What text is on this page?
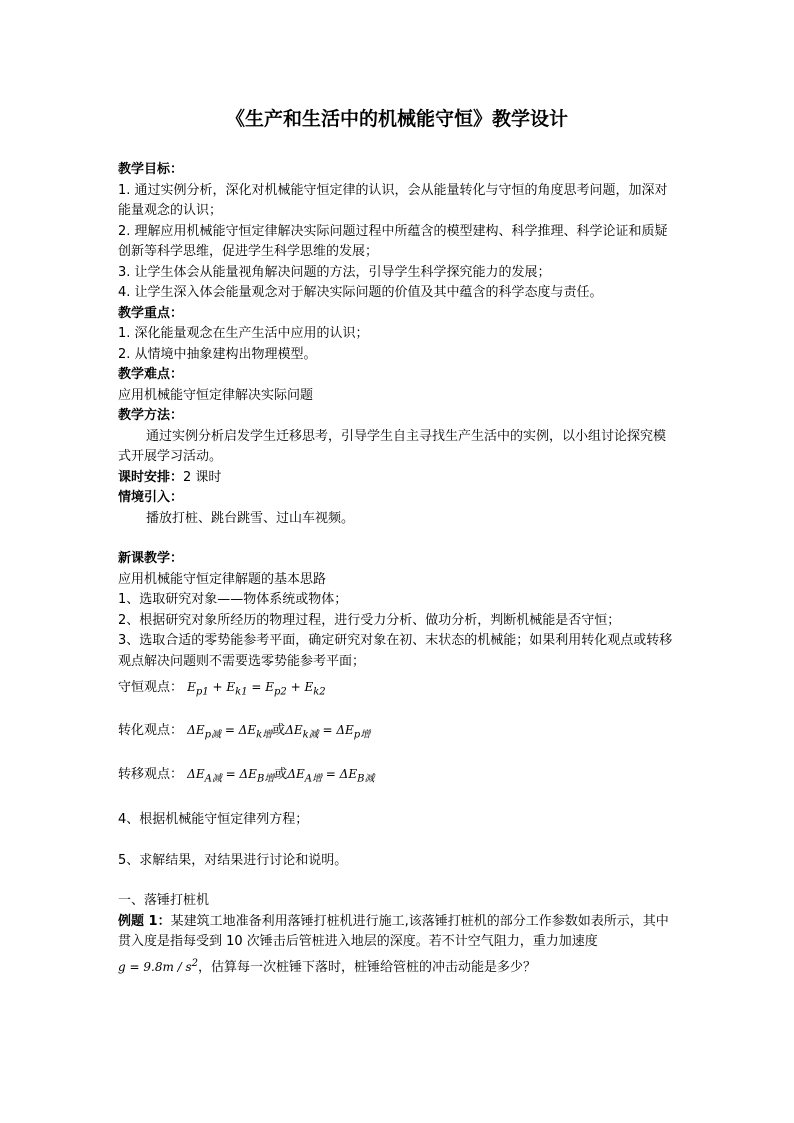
《生产和生活中的机械能守恒》教学设计

教学目标：

1. 通过实例分析，深化对机械能守恒定律的认识，会从能量转化与守恒的角度思考问题，加深对能量观念的认识；

2. 理解应用机械能守恒定律解决实际问题过程中所蕴含的模型建构、科学推理、科学论证和质疑创新等科学思维，促进学生科学思维的发展；

3. 让学生体会从能量视角解决问题的方法，引导学生科学探究能力的发展；

4. 让学生深入体会能量观念对于解决实际问题的价值及其中蕴含的科学态度与责任。

教学重点：

1. 深化能量观念在生产生活中应用的认识；

2. 从情境中抽象建构出物理模型。

教学难点：

应用机械能守恒定律解决实际问题

教学方法：

通过实例分析启发学生迁移思考，引导学生自主寻找生产生活中的实例，以小组讨论探究模式开展学习活动。

课时安排：2 课时

情境引入：

播放打桩、跳台跳雪、过山车视频。

新课教学：

应用机械能守恒定律解题的基本思路

1、选取研究对象——物体系统或物体；

2、根据研究对象所经历的物理过程，进行受力分析、做功分析，判断机械能是否守恒；

3、选取合适的零势能参考平面，确定研究对象在初、末状态的机械能；如果利用转化观点或转移观点解决问题则不需要选零势能参考平面；

守恒观点： $E_{p1} + E_{k1} = E_{p2} + E_{k2}$

转化观点： $\Delta E_{p减} = \Delta E_{k增}$或$\Delta E_{k减} = \Delta E_{p增}$

转移观点： $\Delta E_{A减} = \Delta E_{B增}$或$\Delta E_{A增} = \Delta E_{B减}$

4、根据机械能守恒定律列方程；

5、求解结果，对结果进行讨论和说明。

一、落锤打桩机

例题 1：某建筑工地准备利用落锤打桩机进行施工,该落锤打桩机的部分工作参数如表所示，其中贯入度是指每受到 10 次锤击后管桩进入地层的深度。若不计空气阻力，重力加速度

$g = 9.8m / s^2$，估算每一次桩锤下落时，桩锤给管桩的冲击动能是多少？
